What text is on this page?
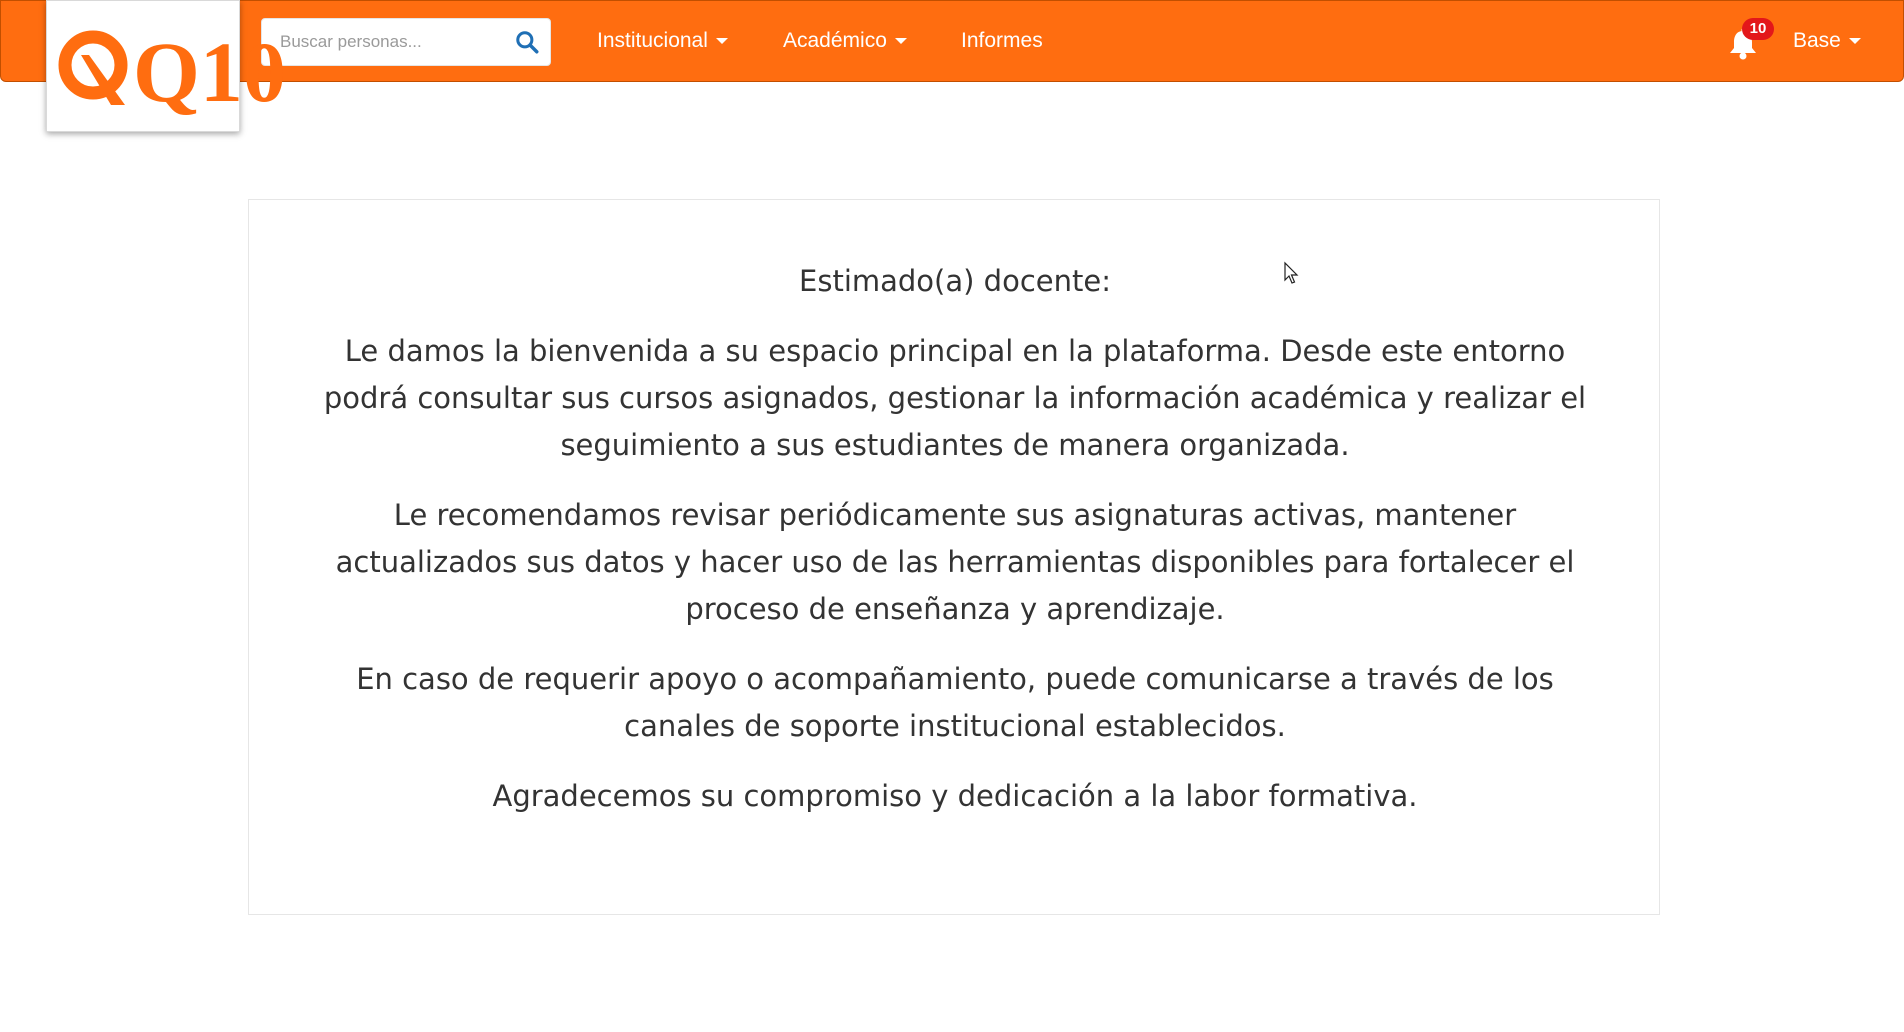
Buscar personas...
Institucional	Académico	Informes
10
Base
Q10

Estimado(a) docente:

Le damos la bienvenida a su espacio principal en la plataforma. Desde este entorno podrá consultar sus cursos asignados, gestionar la información académica y realizar el seguimiento a sus estudiantes de manera organizada.

Le recomendamos revisar periódicamente sus asignaturas activas, mantener actualizados sus datos y hacer uso de las herramientas disponibles para fortalecer el proceso de enseñanza y aprendizaje.

En caso de requerir apoyo o acompañamiento, puede comunicarse a través de los canales de soporte institucional establecidos.

Agradecemos su compromiso y dedicación a la labor formativa.
